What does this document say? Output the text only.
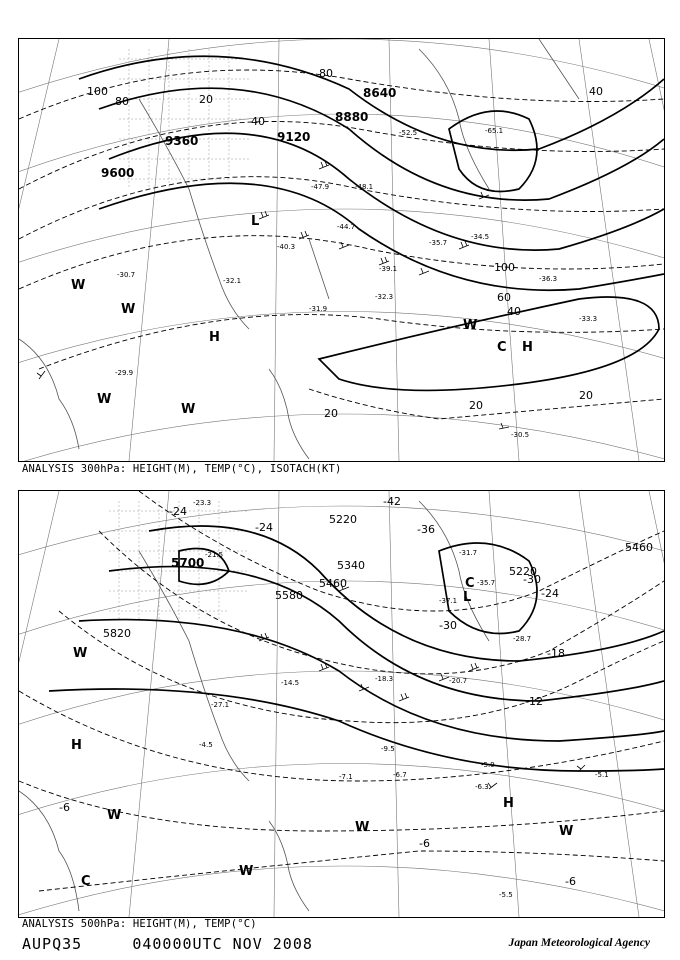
9600
9360	9120
8880
8640
100
80
100
80
60
40
40
20
20
20
20
40
H
H
C
W
W
W
W
W
L
-30.7
-29.9
-32.1
-31.9
-32.3
-33.3
-36.3
-30.5
-39.1
-34.5
-35.7
-47.9	-48.1
-65.1
-52.5
-44.7
-40.3
ANALYSIS 300hPa: HEIGHT(M), TEMP(°C), ISOTACH(KT)
5820
5700
5580
5460
5340
5220
5220
5460
-42
-36
-30
-30
-24
-24
-18
-12
-6
-6
-6
-24
H
H
C
C
W
W	W
W
W
L
-23.3
-21.5
-27.1
-9.5
-5.9
-6.7	-5.1
-5.5
-6.3
-7.1
-35.7
-37.1
-31.7
-28.7
-20.7
-18.3
-14.5
-4.5
ANALYSIS 500hPa: HEIGHT(M), TEMP(°C)
AUPQ35	040000UTC NOV 2008	Japan Meteorological Agency
